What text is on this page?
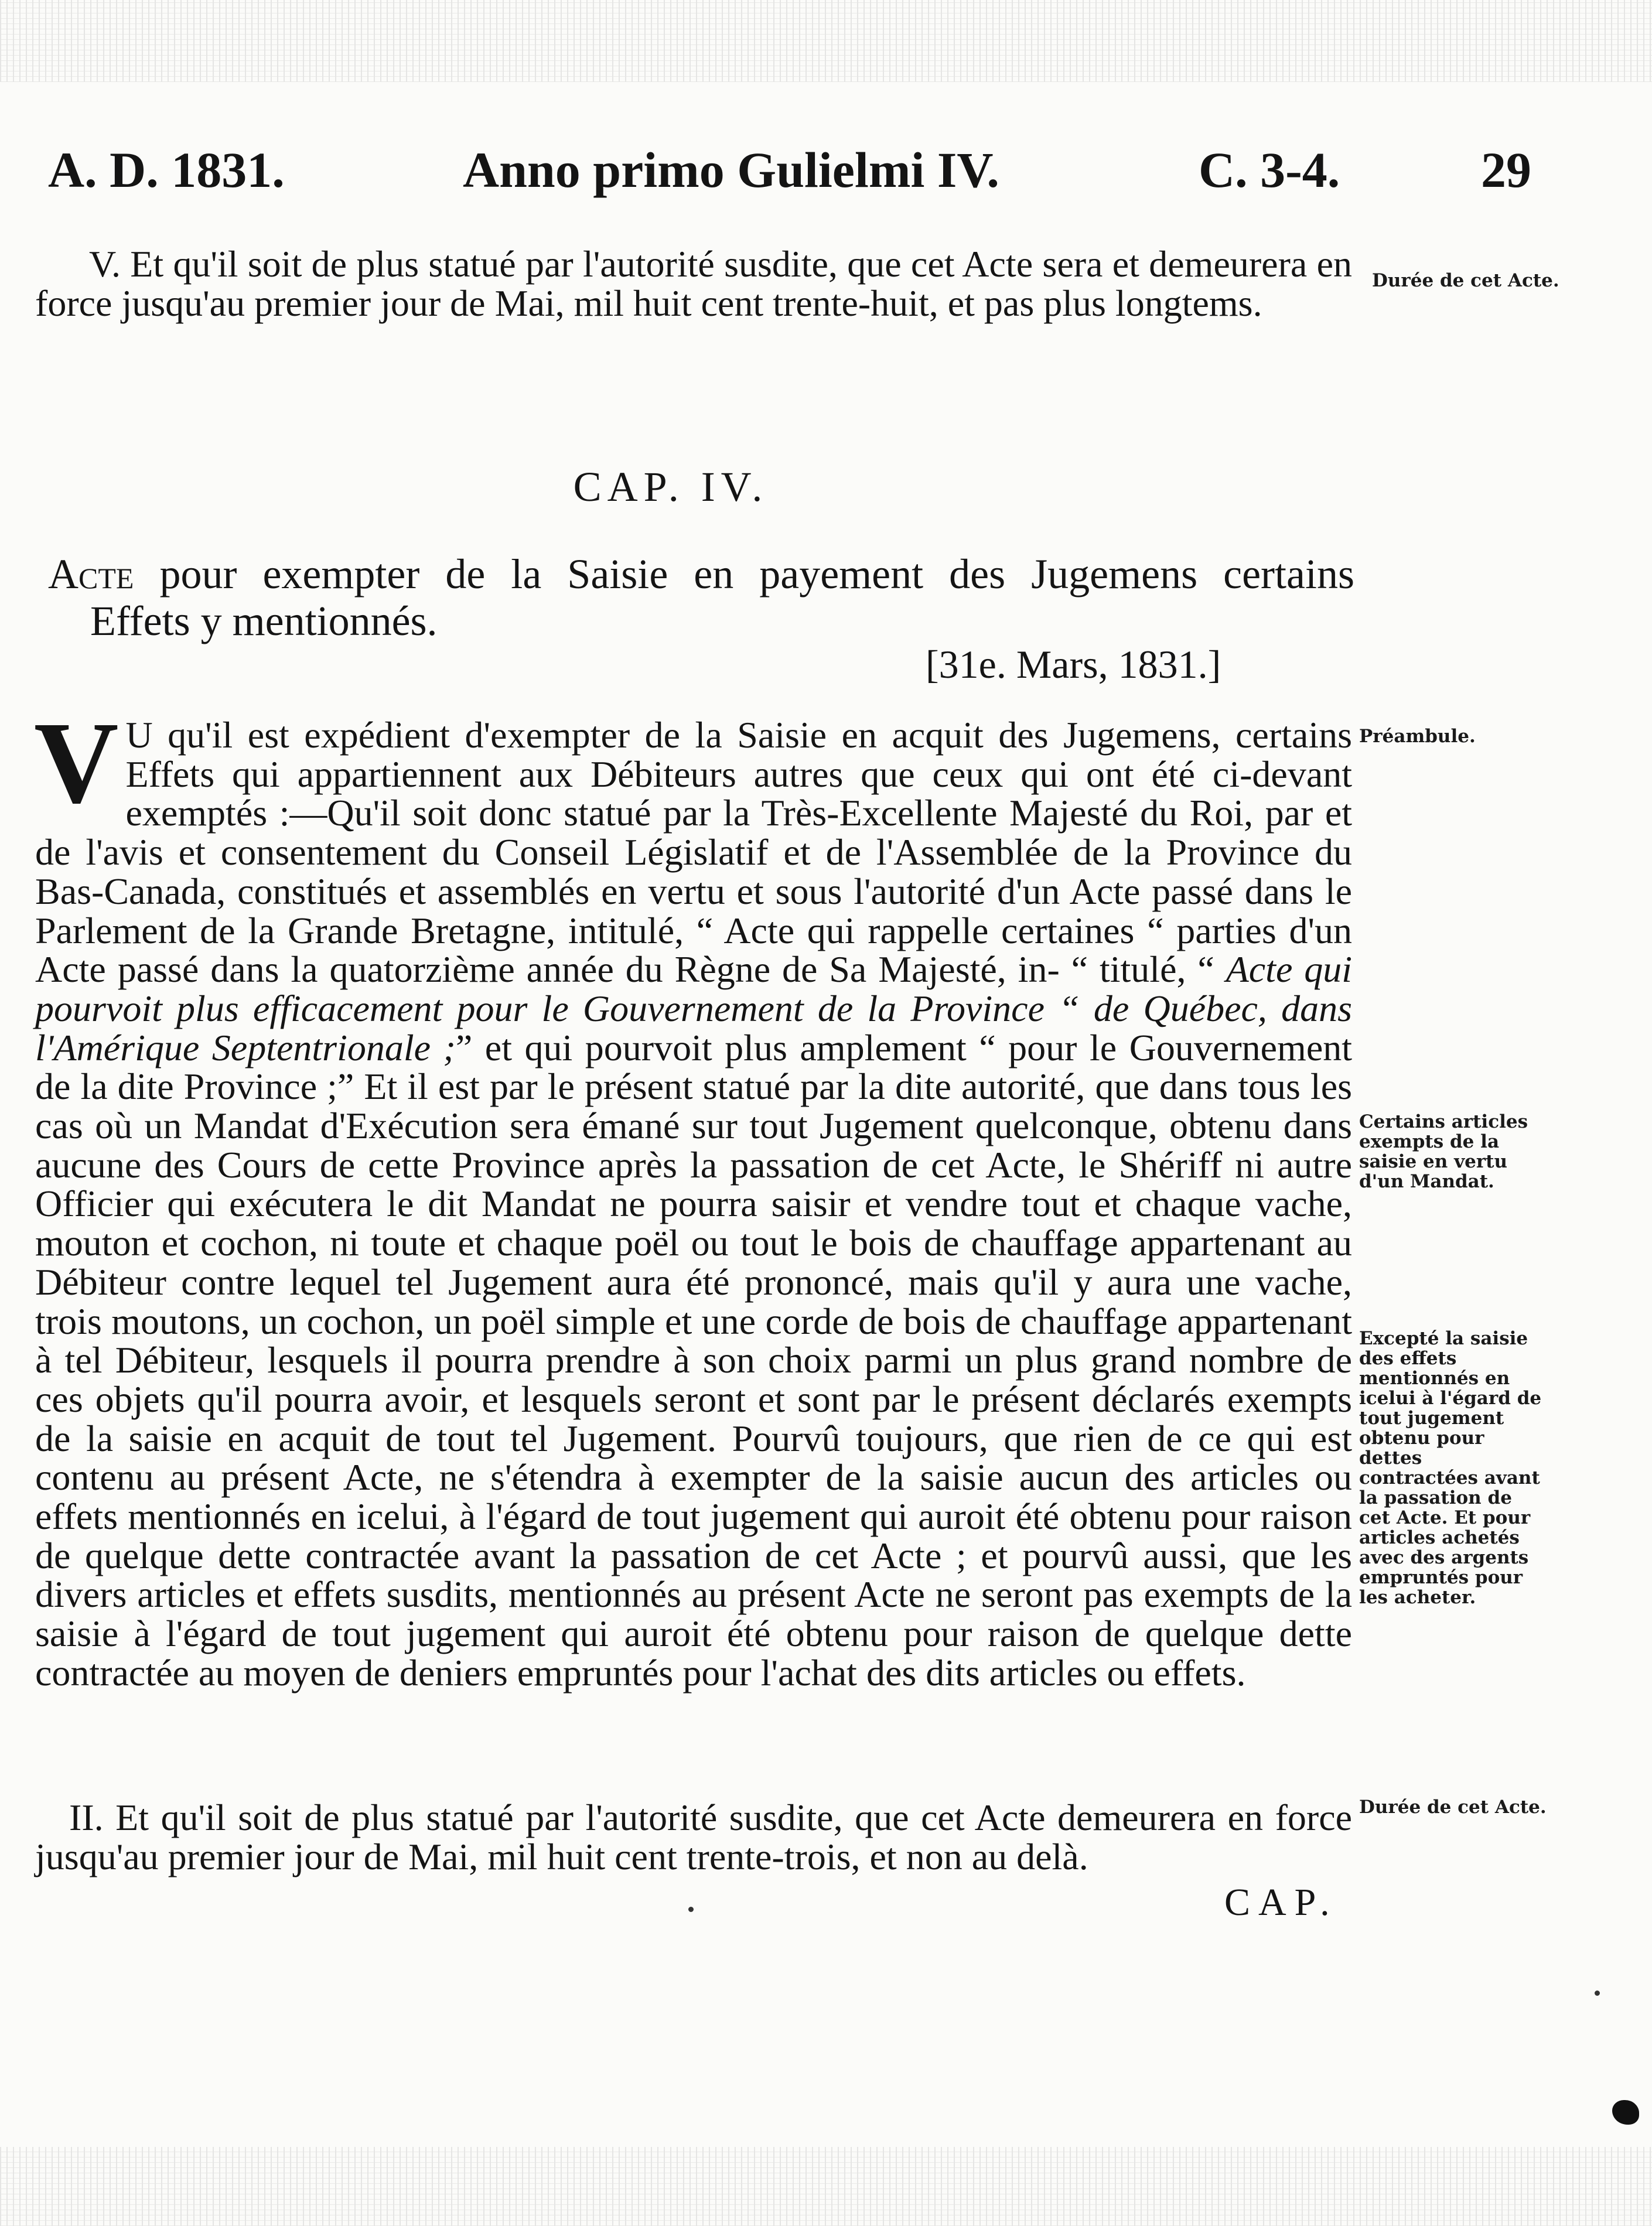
A. D. 1831.	Anno primo Gulielmi IV.	C. 3-4.	29

V. Et qu'il soit de plus statué par l'autorité susdite, que cet Acte sera et demeurera en force jusqu'au premier jour de Mai, mil huit cent trente-huit, et pas plus longtems.

Durée de cet Acte.
CAP. IV.
Acte pour exempter de la Saisie en payement des Jugemens certains
Effets y mentionnés.
[31e. Mars, 1831.]

V U qu'il est expédient d'exempter de la Saisie en acquit des Jugemens, certains Effets qui appartiennent aux Débiteurs autres que ceux qui ont été ci-devant exemptés :—Qu'il soit donc statué par la Très-Excellente Majesté du Roi, par et de l'avis et consentement du Conseil Législatif et de l'Assemblée de la Province du Bas-Canada, constitués et assemblés en vertu et sous l'autorité d'un Acte passé dans le Parlement de la Grande Bretagne, intitulé, “ Acte qui rappelle certaines “ parties d'un Acte passé dans la quatorzième année du Règne de Sa Majesté, in- “ titulé, “ Acte qui pourvoit plus efficacement pour le Gouvernement de la Province “ de Québec, dans l'Amérique Septentrionale ;” et qui pourvoit plus amplement “ pour le Gouvernement de la dite Province ;” Et il est par le présent statué par la dite autorité, que dans tous les cas où un Mandat d'Exécution sera émané sur tout Jugement quelconque, obtenu dans aucune des Cours de cette Province après la passation de cet Acte, le Shériff ni autre Officier qui exécutera le dit Mandat ne pourra saisir et vendre tout et chaque vache, mouton et cochon, ni toute et chaque poël ou tout le bois de chauffage appartenant au Débiteur contre lequel tel Jugement aura été prononcé, mais qu'il y aura une vache, trois moutons, un cochon, un poël simple et une corde de bois de chauffage appartenant à tel Débiteur, lesquels il pourra prendre à son choix parmi un plus grand nombre de ces objets qu'il pourra avoir, et lesquels seront et sont par le présent déclarés exempts de la saisie en acquit de tout tel Jugement. Pourvû toujours, que rien de ce qui est contenu au présent Acte, ne s'étendra à exempter de la saisie aucun des articles ou effets mentionnés en icelui, à l'égard de tout jugement qui auroit été obtenu pour raison de quelque dette contractée avant la passation de cet Acte ; et pourvû aussi, que les divers articles et effets susdits, mentionnés au présent Acte ne seront pas exempts de la saisie à l'égard de tout jugement qui auroit été obtenu pour raison de quelque dette contractée au moyen de deniers empruntés pour l'achat des dits articles ou effets.

Préambule.
Certains articles exempts de la saisie en vertu d'un Mandat.
Excepté la saisie des effets mentionnés en icelui à l'égard de tout jugement obtenu pour dettes contractées avant la passation de cet Acte. Et pour articles achetés avec des argents empruntés pour les acheter.

II. Et qu'il soit de plus statué par l'autorité susdite, que cet Acte demeurera en force jusqu'au premier jour de Mai, mil huit cent trente-trois, et non au delà.

Durée de cet Acte.
CAP.
